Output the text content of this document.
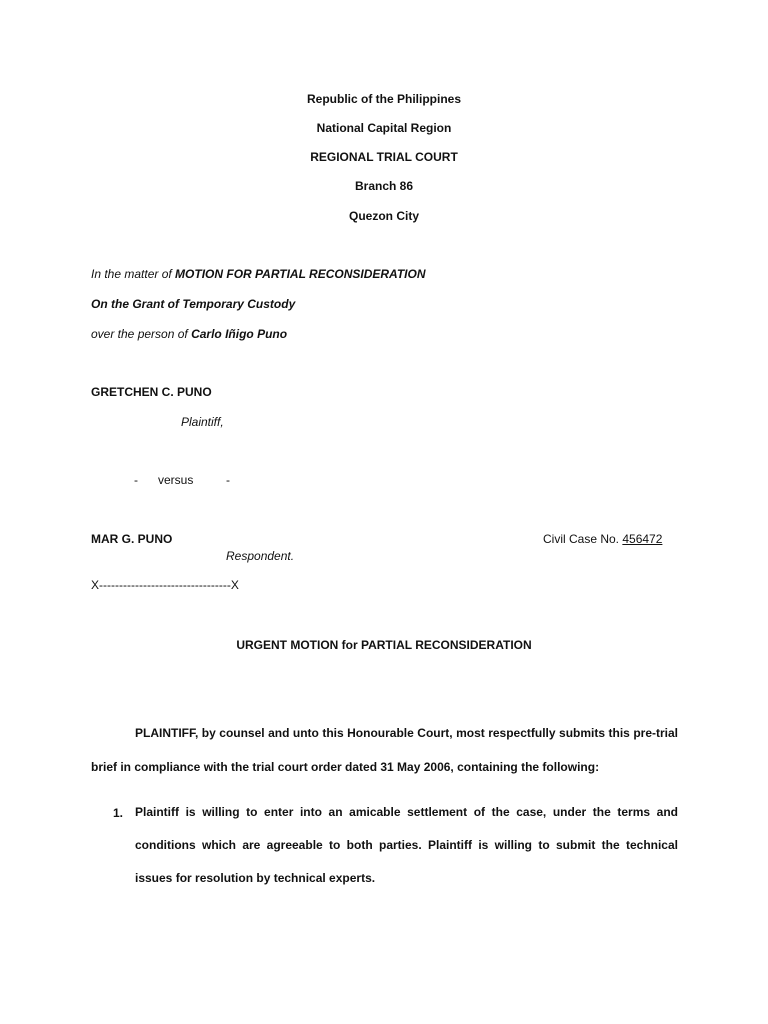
Republic of the Philippines
National Capital Region
REGIONAL TRIAL COURT
Branch 86
Quezon City
In the matter of MOTION FOR PARTIAL RECONSIDERATION
On the Grant of Temporary Custody
over the person of Carlo Iñigo Puno
GRETCHEN C. PUNO
Plaintiff,
- versus	-
MAR G. PUNO	Civil Case No. 456472
Respondent.
X---------------------------------X
URGENT MOTION for PARTIAL RECONSIDERATION
PLAINTIFF, by counsel and unto this Honourable Court, most respectfully submits this pre-trial brief in compliance with the trial court order dated 31 May 2006, containing the following:
1. Plaintiff is willing to enter into an amicable settlement of the case, under the terms and conditions which are agreeable to both parties. Plaintiff is willing to submit the technical issues for resolution by technical experts.
